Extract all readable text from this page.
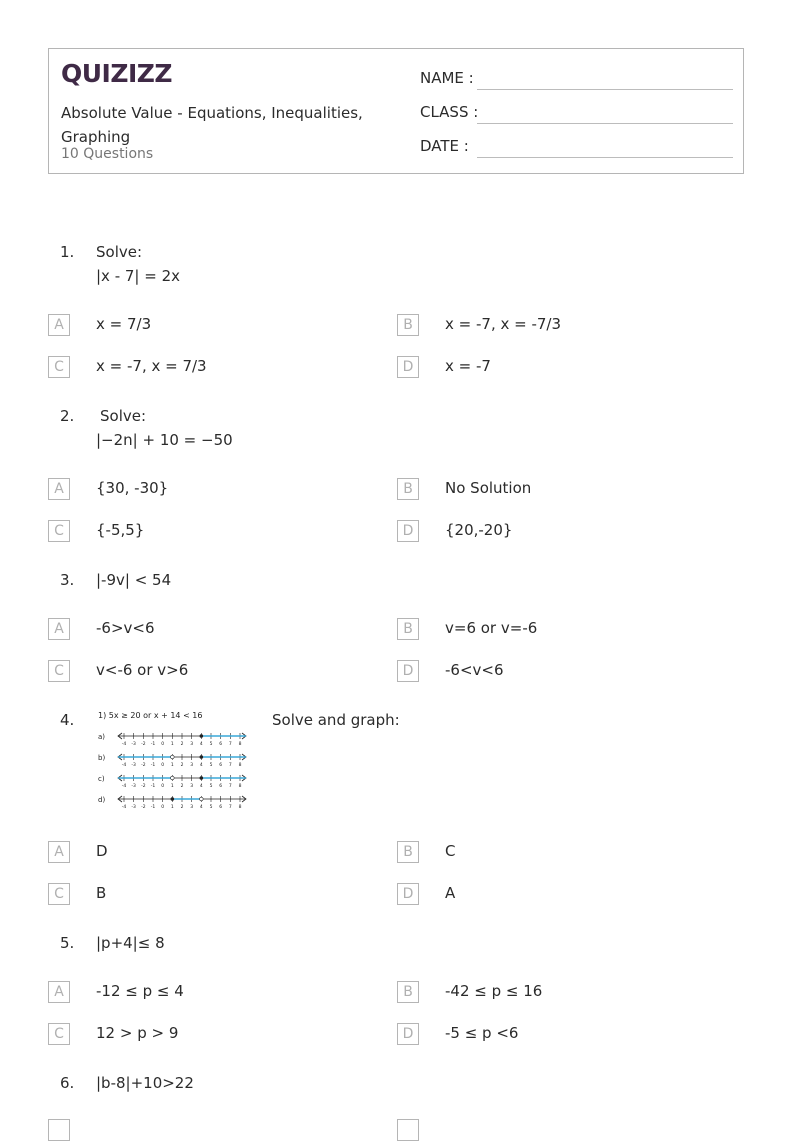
QUIZIZZ
Absolute Value - Equations, Inequalities, Graphing
10 Questions
NAME :
CLASS :
DATE :
1. Solve:
|x - 7| = 2x
A	x = 7/3	B	x = -7, x = -7/3
C	x = -7, x = 7/3	D	x = -7
2. Solve:
|−2n| + 10 = −50
A	{30, -30}	B	No Solution
C	{-5,5}	D	{20,-20}
3. |-9v| < 54
A	-6>v<6	B	v=6 or v=-6
C	v<-6 or v>6	D	-6<v<6
4.	1) 5x ≥ 20 or x + 14 < 16
a)
-4 -3 -2 -1 0 1 2 3 4 5 6 7 8
b)
-4 -3 -2 -1 0 1 2 3 4 5 6 7 8
c)
-4 -3 -2 -1 0 1 2 3 4 5 6 7 8
d)
-4 -3 -2 -1 0 1 2 3 4 5 6 7 8
Solve and graph:
A	D	B	C
C	B	D	A
5. |p+4|≤ 8
A	-12 ≤ p ≤ 4	B	-42 ≤ p ≤ 16
C	12 > p > 9	D	-5 ≤ p <6
6. |b-8|+10>22
